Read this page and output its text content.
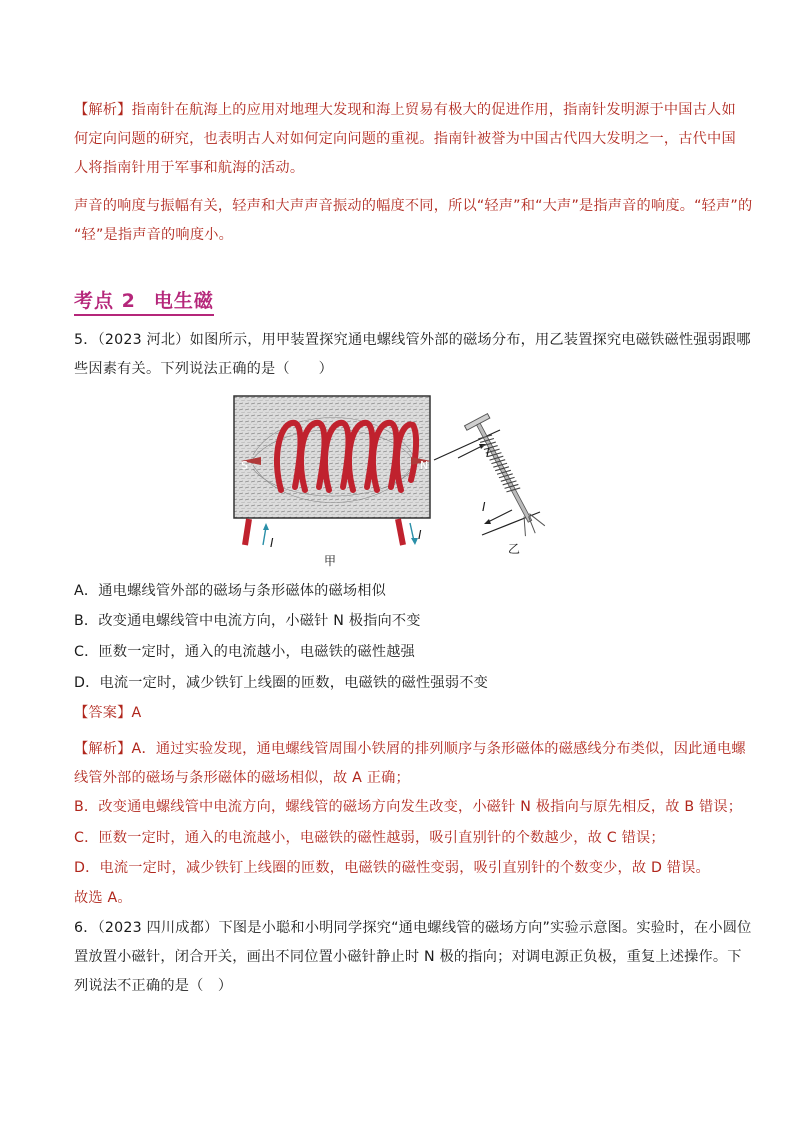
【解析】指南针在航海上的应用对地理大发现和海上贸易有极大的促进作用，指南针发明源于中国古人如
何定向问题的研究，也表明古人对如何定向问题的重视。指南针被誉为中国古代四大发明之一，古代中国
人将指南针用于军事和航海的活动。
声音的响度与振幅有关，轻声和大声声音振动的幅度不同，所以“轻声”和“大声”是指声音的响度。“轻声”的
“轻”是指声音的响度小。
考点 2 电生磁
5．（2023 河北）如图所示，用甲装置探究通电螺线管外部的磁场分布，用乙装置探究电磁铁磁性强弱跟哪
些因素有关。下列说法正确的是（　　）
S	N
I
I
甲
I
I
乙
A．通电螺线管外部的磁场与条形磁体的磁场相似
B．改变通电螺线管中电流方向，小磁针 N 极指向不变
C．匝数一定时，通入的电流越小，电磁铁的磁性越强
D．电流一定时，减少铁钉上线圈的匝数，电磁铁的磁性强弱不变
【答案】A
【解析】A．通过实验发现，通电螺线管周围小铁屑的排列顺序与条形磁体的磁感线分布类似，因此通电螺
线管外部的磁场与条形磁体的磁场相似，故 A 正确；
B．改变通电螺线管中电流方向，螺线管的磁场方向发生改变，小磁针 N 极指向与原先相反，故 B 错误；
C．匝数一定时，通入的电流越小，电磁铁的磁性越弱，吸引直别针的个数越少，故 C 错误；
D．电流一定时，减少铁钉上线圈的匝数，电磁铁的磁性变弱，吸引直别针的个数变少，故 D 错误。
故选 A。
6．（2023 四川成都）下图是小聪和小明同学探究“通电螺线管的磁场方向”实验示意图。实验时，在小圆位
置放置小磁针，闭合开关，画出不同位置小磁针静止时 N 极的指向；对调电源正负极，重复上述操作。下
列说法不正确的是（　）
